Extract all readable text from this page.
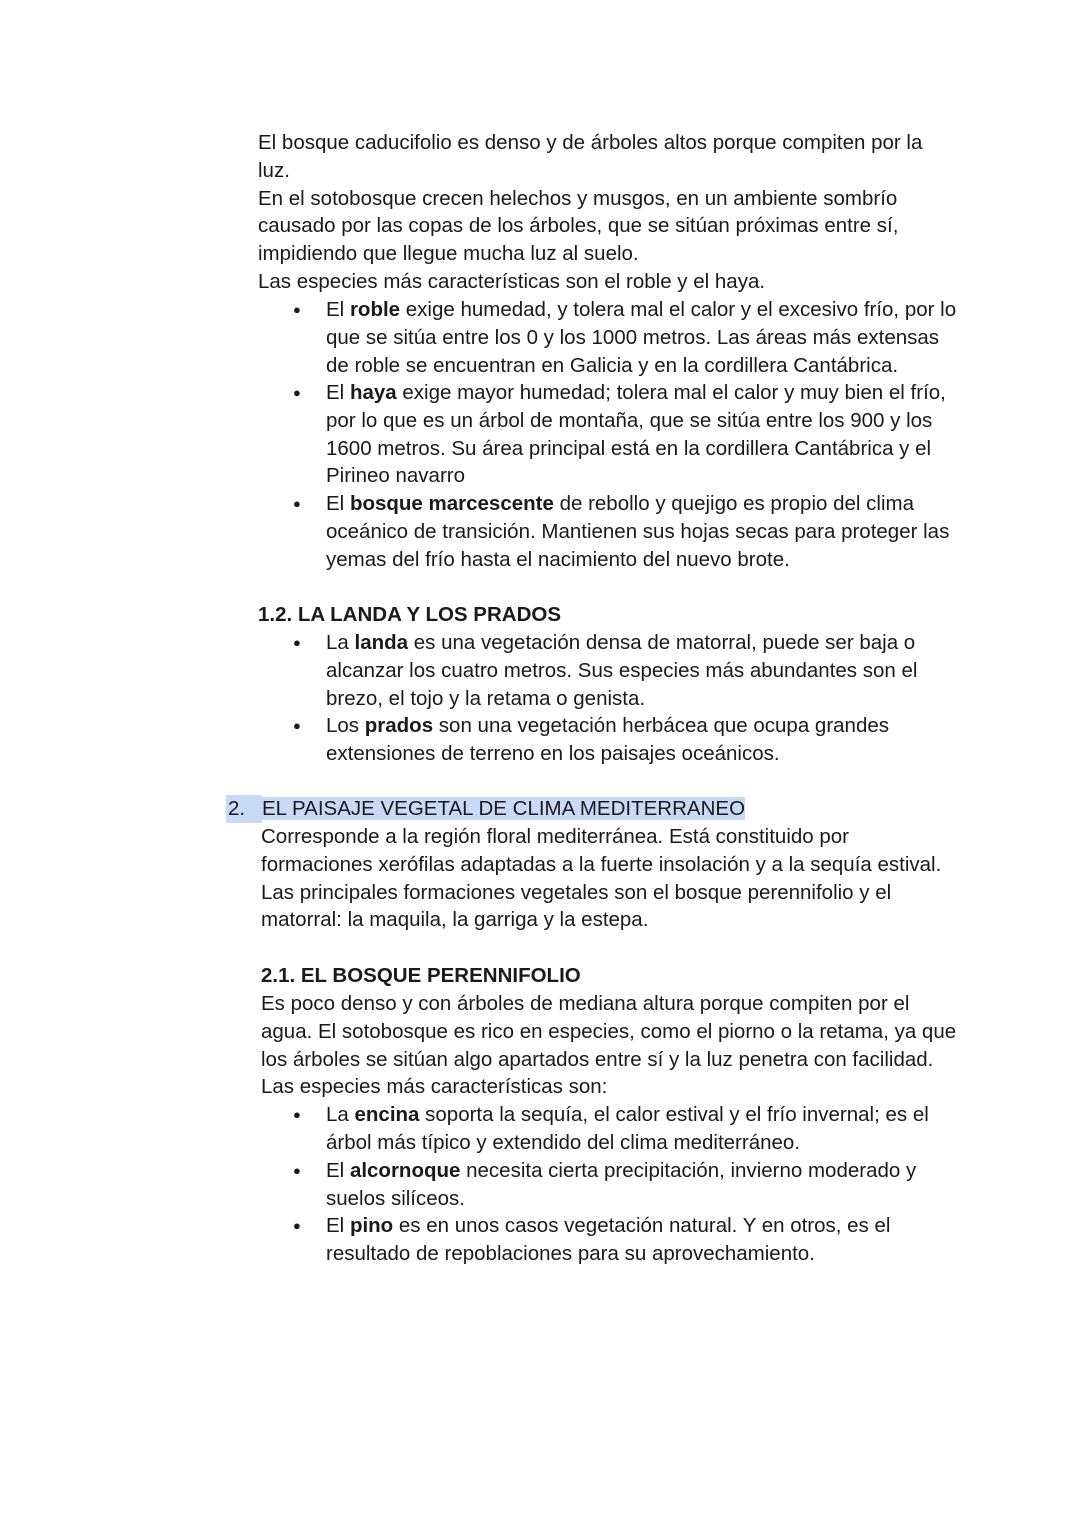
El bosque caducifolio es denso y de árboles altos porque compiten por la luz.

En el sotobosque crecen helechos y musgos, en un ambiente sombrío causado por las copas de los árboles, que se sitúan próximas entre sí, impidiendo que llegue mucha luz al suelo.

Las especies más características son el roble y el haya.

● El roble exige humedad, y tolera mal el calor y el excesivo frío, por lo que se sitúa entre los 0 y los 1000 metros. Las áreas más extensas de roble se encuentran en Galicia y en la cordillera Cantábrica.
● El haya exige mayor humedad; tolera mal el calor y muy bien el frío, por lo que es un árbol de montaña, que se sitúa entre los 900 y los 1600 metros. Su área principal está en la cordillera Cantábrica y el Pirineo navarro
● El bosque marcescente de rebollo y quejigo es propio del clima oceánico de transición. Mantienen sus hojas secas para proteger las yemas del frío hasta el nacimiento del nuevo brote.
1.2. LA LANDA Y LOS PRADOS
● La landa es una vegetación densa de matorral, puede ser baja o alcanzar los cuatro metros. Sus especies más abundantes son el brezo, el tojo y la retama o genista.
● Los prados son una vegetación herbácea que ocupa grandes extensiones de terreno en los paisajes oceánicos.
2. EL PAISAJE VEGETAL DE CLIMA MEDITERRANEO
Corresponde a la región floral mediterránea. Está constituido por formaciones xerófilas adaptadas a la fuerte insolación y a la sequía estival. Las principales formaciones vegetales son el bosque perennifolio y el matorral: la maquila, la garriga y la estepa.
2.1. EL BOSQUE PERENNIFOLIO

Es poco denso y con árboles de mediana altura porque compiten por el agua. El sotobosque es rico en especies, como el piorno o la retama, ya que los árboles se sitúan algo apartados entre sí y la luz penetra con facilidad.

Las especies más características son:

● La encina soporta la sequía, el calor estival y el frío invernal; es el árbol más típico y extendido del clima mediterráneo.
● El alcornoque necesita cierta precipitación, invierno moderado y suelos silíceos.
● El pino es en unos casos vegetación natural. Y en otros, es el resultado de repoblaciones para su aprovechamiento.
